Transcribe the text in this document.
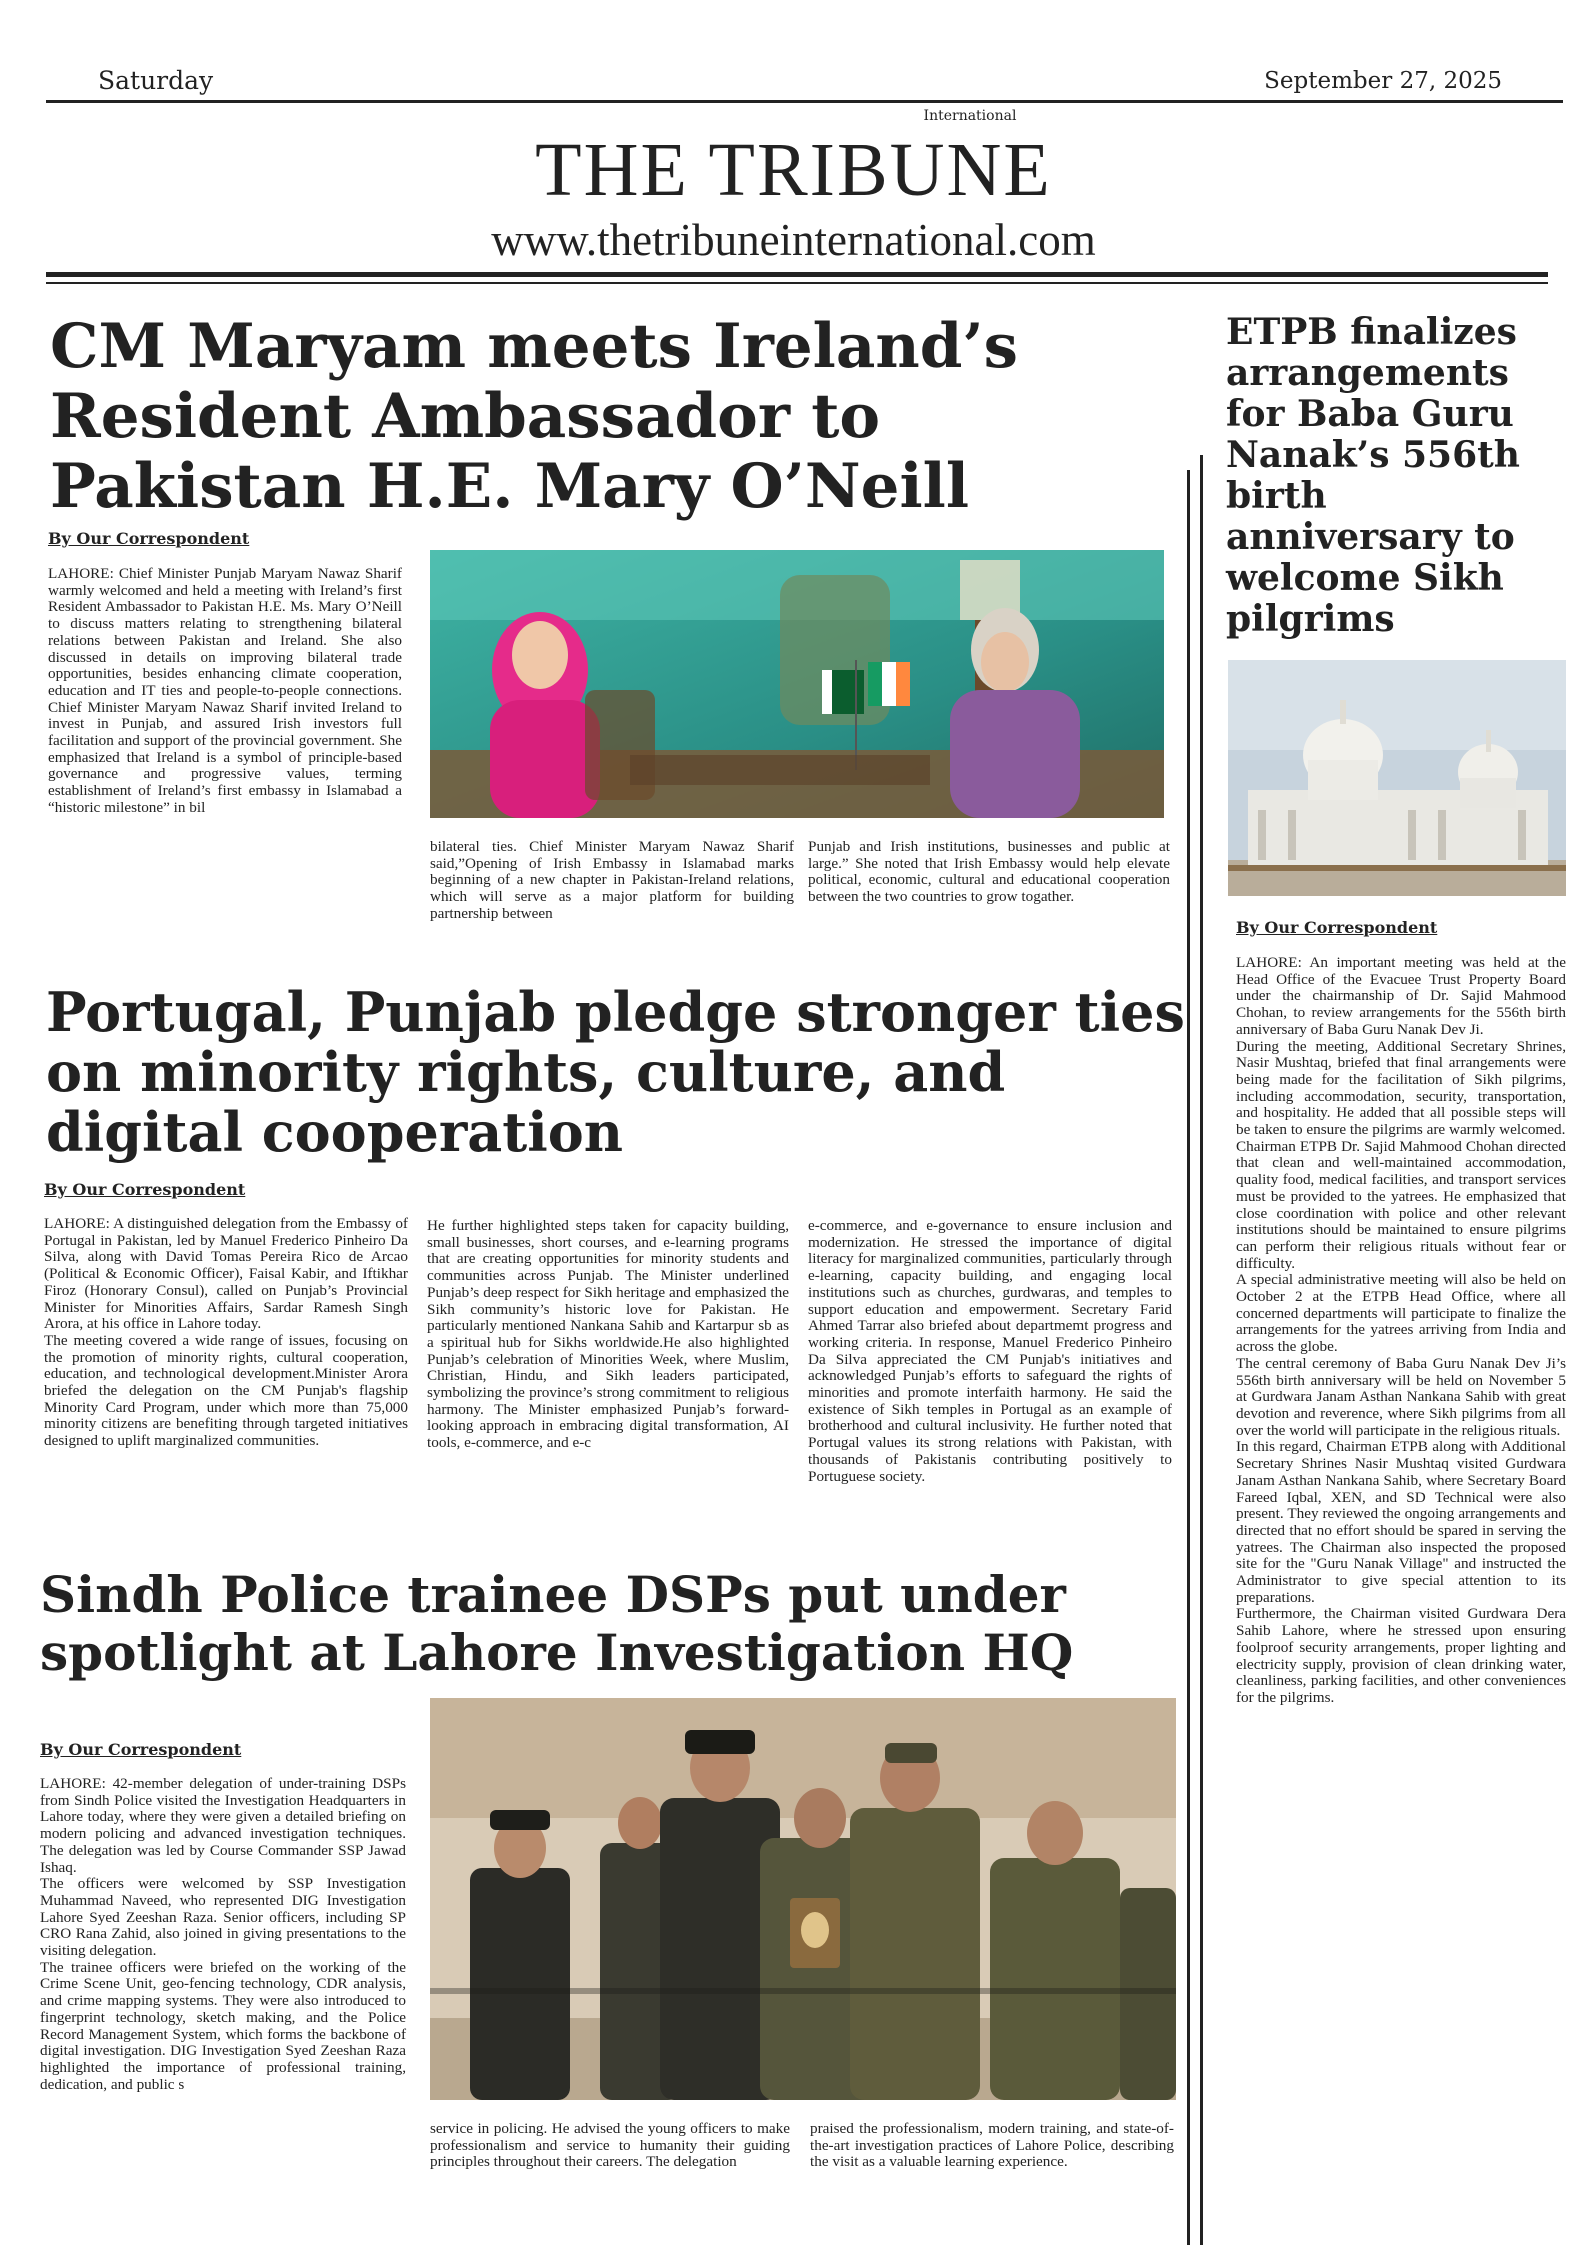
Saturday	September 27, 2025
International
THE TRIBUNE
www.thetribuneinternational.com
CM Maryam meets Ireland’s Resident Ambassador to Pakistan H.E. Mary O’Neill
By Our Correspondent

LAHORE: Chief Minister Punjab Maryam Nawaz Sharif warmly welcomed and held a meeting with Ireland’s first Resident Ambassador to Pakistan H.E. Ms. Mary O’Neill to discuss matters relating to strengthening bilateral relations between Pakistan and Ireland. She also discussed in details on improving bilateral trade opportunities, besides enhancing climate cooperation, education and IT ties and people-to-people connections. Chief Minister Maryam Nawaz Sharif invited Ireland to invest in Punjab, and assured Irish investors full facilitation and support of the provincial government. She emphasized that Ireland is a symbol of principle-based governance and progressive values, terming establishment of Ireland’s first embassy in Islamabad a “historic milestone” in bil

bilateral ties. Chief Minister Maryam Nawaz Sharif said,”Opening of Irish Embassy in Islamabad marks beginning of a new chapter in Pakistan-Ireland relations, which will serve as a major platform for building partnership between

Punjab and Irish institutions, businesses and public at large.” She noted that Irish Embassy would help elevate political, economic, cultural and educational cooperation between the two countries to grow togather.

Portugal, Punjab pledge stronger ties on minority rights, culture, and digital cooperation
By Our Correspondent

LAHORE: A distinguished delegation from the Embassy of Portugal in Pakistan, led by Manuel Frederico Pinheiro Da Silva, along with David Tomas Pereira Rico de Arcao (Political & Economic Officer), Faisal Kabir, and Iftikhar Firoz (Honorary Consul), called on Punjab’s Provincial Minister for Minorities Affairs, Sardar Ramesh Singh Arora, at his office in Lahore today.

The meeting covered a wide range of issues, focusing on the promotion of minority rights, cultural cooperation, education, and technological development.Minister Arora briefed the delegation on the CM Punjab's flagship Minority Card Program, under which more than 75,000 minority citizens are benefiting through targeted initiatives designed to uplift marginalized communities.

He further highlighted steps taken for capacity building, small businesses, short courses, and e-learning programs that are creating opportunities for minority students and communities across Punjab. The Minister underlined Punjab’s deep respect for Sikh heritage and emphasized the Sikh community’s historic love for Pakistan. He particularly mentioned Nankana Sahib and Kartarpur sb as a spiritual hub for Sikhs worldwide.He also highlighted Punjab’s celebration of Minorities Week, where Muslim, Christian, Hindu, and Sikh leaders participated, symbolizing the province’s strong commitment to religious harmony. The Minister emphasized Punjab’s forward-looking approach in embracing digital transformation, AI tools, e-commerce, and e-c

e-commerce, and e-governance to ensure inclusion and modernization. He stressed the importance of digital literacy for marginalized communities, particularly through e-learning, capacity building, and engaging local institutions such as churches, gurdwaras, and temples to support education and empowerment. Secretary Farid Ahmed Tarrar also briefed about departmemt progress and working criteria. In response, Manuel Frederico Pinheiro Da Silva appreciated the CM Punjab's initiatives and acknowledged Punjab’s efforts to safeguard the rights of minorities and promote interfaith harmony. He said the existence of Sikh temples in Portugal as an example of brotherhood and cultural inclusivity. He further noted that Portugal values its strong relations with Pakistan, with thousands of Pakistanis contributing positively to Portuguese society.

Sindh Police trainee DSPs put under spotlight at Lahore Investigation HQ
By Our Correspondent

LAHORE: 42-member delegation of under-training DSPs from Sindh Police visited the Investigation Headquarters in Lahore today, where they were given a detailed briefing on modern policing and advanced investigation techniques. The delegation was led by Course Commander SSP Jawad Ishaq.

The officers were welcomed by SSP Investigation Muhammad Naveed, who represented DIG Investigation Lahore Syed Zeeshan Raza. Senior officers, including SP CRO Rana Zahid, also joined in giving presentations to the visiting delegation.

The trainee officers were briefed on the working of the Crime Scene Unit, geo-fencing technology, CDR analysis, and crime mapping systems. They were also introduced to fingerprint technology, sketch making, and the Police Record Management System, which forms the backbone of digital investigation. DIG Investigation Syed Zeeshan Raza highlighted the importance of professional training, dedication, and public s

service in policing. He advised the young officers to make professionalism and service to humanity their guiding principles throughout their careers. The delegation

praised the professionalism, modern training, and state-of-the-art investigation practices of Lahore Police, describing the visit as a valuable learning experience.

ETPB finalizes arrangements for Baba Guru Nanak’s 556th birth anniversary to welcome Sikh pilgrims
By Our Correspondent

LAHORE: An important meeting was held at the Head Office of the Evacuee Trust Property Board under the chairmanship of Dr. Sajid Mahmood Chohan, to review arrangements for the 556th birth anniversary of Baba Guru Nanak Dev Ji.

During the meeting, Additional Secretary Shrines, Nasir Mushtaq, briefed that final arrangements were being made for the facilitation of Sikh pilgrims, including accommodation, security, transportation, and hospitality. He added that all possible steps will be taken to ensure the pilgrims are warmly welcomed.

Chairman ETPB Dr. Sajid Mahmood Chohan directed that clean and well-maintained accommodation, quality food, medical facilities, and transport services must be provided to the yatrees. He emphasized that close coordination with police and other relevant institutions should be maintained to ensure pilgrims can perform their religious rituals without fear or difficulty.

A special administrative meeting will also be held on October 2 at the ETPB Head Office, where all concerned departments will participate to finalize the arrangements for the yatrees arriving from India and across the globe.

The central ceremony of Baba Guru Nanak Dev Ji’s 556th birth anniversary will be held on November 5 at Gurdwara Janam Asthan Nankana Sahib with great devotion and reverence, where Sikh pilgrims from all over the world will participate in the religious rituals.

In this regard, Chairman ETPB along with Additional Secretary Shrines Nasir Mushtaq visited Gurdwara Janam Asthan Nankana Sahib, where Secretary Board Fareed Iqbal, XEN, and SD Technical were also present. They reviewed the ongoing arrangements and directed that no effort should be spared in serving the yatrees. The Chairman also inspected the proposed site for the "Guru Nanak Village" and instructed the Administrator to give special attention to its preparations.

Furthermore, the Chairman visited Gurdwara Dera Sahib Lahore, where he stressed upon ensuring foolproof security arrangements, proper lighting and electricity supply, provision of clean drinking water, cleanliness, parking facilities, and other conveniences for the pilgrims.
